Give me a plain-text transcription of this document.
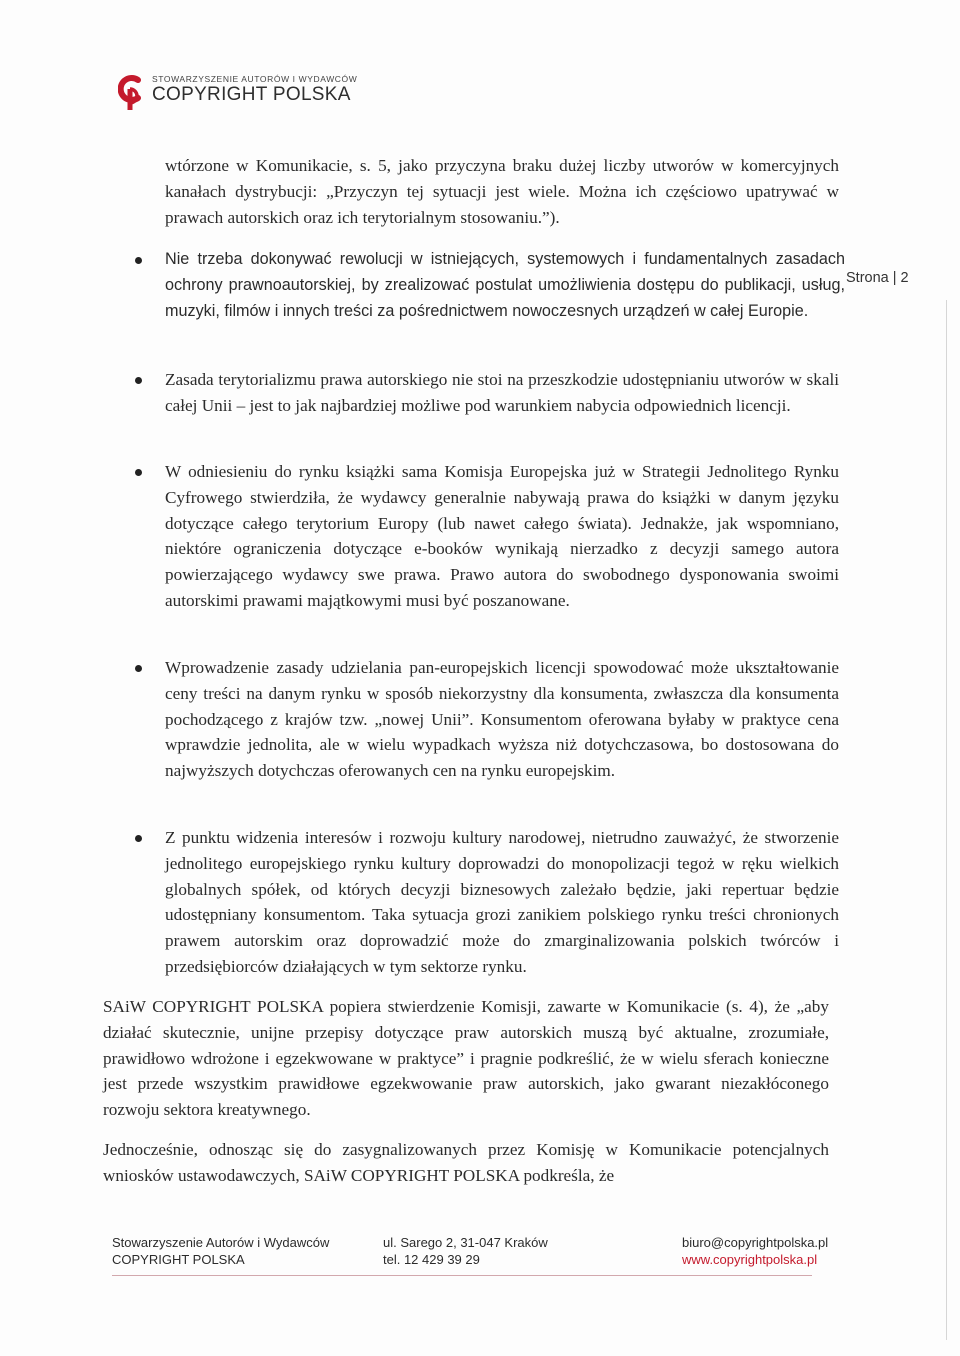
STOWARZYSZENIE AUTORÓW I WYDAWCÓW
COPYRIGHT POLSKA
Strona | 2
wtórzone w Komunikacie, s. 5, jako przyczyna braku dużej liczby utworów w komercyjnych kanałach dystrybucji: „Przyczyn tej sytuacji jest wiele. Można ich częściowo upatrywać w prawach autorskich oraz ich terytorialnym stosowaniu.”).

Nie trzeba dokonywać rewolucji w istniejących, systemowych i fundamentalnych zasadach ochrony prawnoautorskiej, by zrealizować postulat umożliwienia dostępu do publikacji, usług, muzyki, filmów i innych treści za pośrednictwem nowoczesnych urządzeń w całej Europie.

Zasada terytorializmu prawa autorskiego nie stoi na przeszkodzie udostępnianiu utworów w skali całej Unii – jest to jak najbardziej możliwe pod warunkiem nabycia odpowiednich licencji.

W odniesieniu do rynku książki sama Komisja Europejska już w Strategii Jednolitego Rynku Cyfrowego stwierdziła, że wydawcy generalnie nabywają prawa do książki w danym języku dotyczące całego terytorium Europy (lub nawet całego świata). Jednakże, jak wspomniano, niektóre ograniczenia dotyczące e-booków wynikają nierzadko z decyzji samego autora powierzającego wydawcy swe prawa. Prawo autora do swobodnego dysponowania swoimi autorskimi prawami majątkowymi musi być poszanowane.

Wprowadzenie zasady udzielania pan-europejskich licencji spowodować może ukształtowanie ceny treści na danym rynku w sposób niekorzystny dla konsumenta, zwłaszcza dla konsumenta pochodzącego z krajów tzw. „nowej Unii”. Konsumentom oferowana byłaby w praktyce cena wprawdzie jednolita, ale w wielu wypadkach wyższa niż dotychczasowa, bo dostosowana do najwyższych dotychczas oferowanych cen na rynku europejskim.

Z punktu widzenia interesów i rozwoju kultury narodowej, nietrudno zauważyć, że stworzenie jednolitego europejskiego rynku kultury doprowadzi do monopolizacji tegoż w ręku wielkich globalnych spółek, od których decyzji biznesowych zależało będzie, jaki repertuar będzie udostępniany konsumentom. Taka sytuacja grozi zanikiem polskiego rynku treści chronionych prawem autorskim oraz doprowadzić może do zmarginalizowania polskich twórców i przedsiębiorców działających w tym sektorze rynku.

SAiW COPYRIGHT POLSKA popiera stwierdzenie Komisji, zawarte w Komunikacie (s. 4), że „aby działać skutecznie, unijne przepisy dotyczące praw autorskich muszą być aktualne, zrozumiałe, prawidłowo wdrożone i egzekwowane w praktyce” i pragnie podkreślić, że w wielu sferach konieczne jest przede wszystkim prawidłowe egzekwowanie praw autorskich, jako gwarant niezakłóconego rozwoju sektora kreatywnego.

Jednocześnie, odnosząc się do zasygnalizowanych przez Komisję w Komunikacie potencjalnych wniosków ustawodawczych, SAiW COPYRIGHT POLSKA podkreśla, że

Stowarzyszenie Autorów i Wydawców
COPYRIGHT POLSKA
ul. Sarego 2, 31-047 Kraków
tel. 12 429 39 29
biuro@copyrightpolska.pl
www.copyrightpolska.pl
